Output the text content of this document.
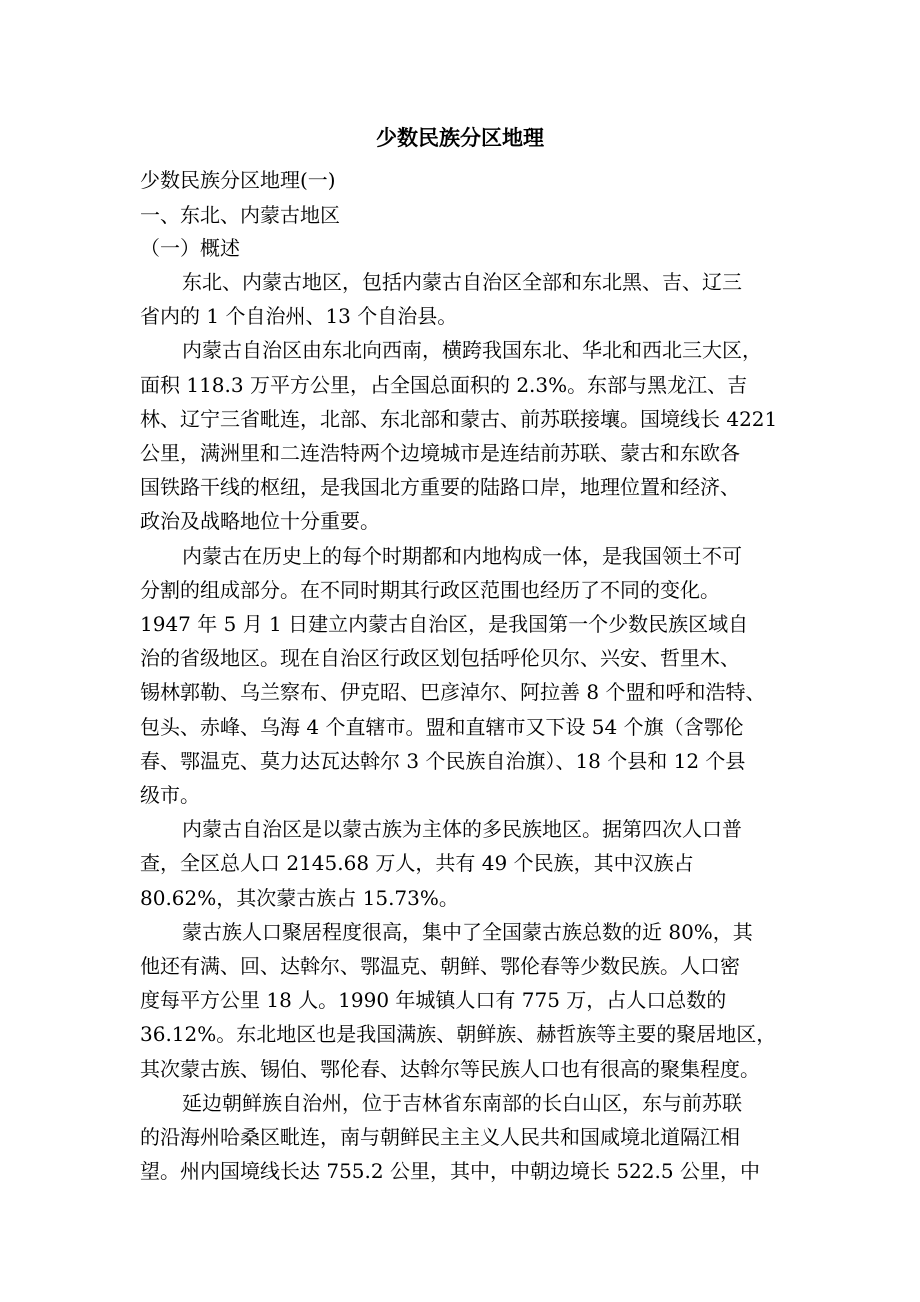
少数民族分区地理
少数民族分区地理(一)
一、东北、内蒙古地区
（一）概述
东北、内蒙古地区，包括内蒙古自治区全部和东北黑、吉、辽三
省内的 1 个自治州、13 个自治县。
内蒙古自治区由东北向西南，横跨我国东北、华北和西北三大区，
面积 118.3 万平方公里，占全国总面积的 2.3%。东部与黑龙江、吉
林、辽宁三省毗连，北部、东北部和蒙古、前苏联接壤。国境线长 4221
公里，满洲里和二连浩特两个边境城市是连结前苏联、蒙古和东欧各
国铁路干线的枢纽，是我国北方重要的陆路口岸，地理位置和经济、
政治及战略地位十分重要。
内蒙古在历史上的每个时期都和内地构成一体，是我国领土不可
分割的组成部分。在不同时期其行政区范围也经历了不同的变化。
1947 年 5 月 1 日建立内蒙古自治区，是我国第一个少数民族区域自
治的省级地区。现在自治区行政区划包括呼伦贝尔、兴安、哲里木、
锡林郭勒、乌兰察布、伊克昭、巴彦淖尔、阿拉善 8 个盟和呼和浩特、
包头、赤峰、乌海 4 个直辖市。盟和直辖市又下设 54 个旗（含鄂伦
春、鄂温克、莫力达瓦达斡尔 3 个民族自治旗）、18 个县和 12 个县
级市。
内蒙古自治区是以蒙古族为主体的多民族地区。据第四次人口普
查，全区总人口 2145.68 万人，共有 49 个民族，其中汉族占
80.62%，其次蒙古族占 15.73%。
蒙古族人口聚居程度很高，集中了全国蒙古族总数的近 80%，其
他还有满、回、达斡尔、鄂温克、朝鲜、鄂伦春等少数民族。人口密
度每平方公里 18 人。1990 年城镇人口有 775 万，占人口总数的
36.12%。东北地区也是我国满族、朝鲜族、赫哲族等主要的聚居地区，
其次蒙古族、锡伯、鄂伦春、达斡尔等民族人口也有很高的聚集程度。
延边朝鲜族自治州，位于吉林省东南部的长白山区，东与前苏联
的沿海州哈桑区毗连，南与朝鲜民主主义人民共和国咸境北道隔江相
望。州内国境线长达 755.2 公里，其中，中朝边境长 522.5 公里，中
